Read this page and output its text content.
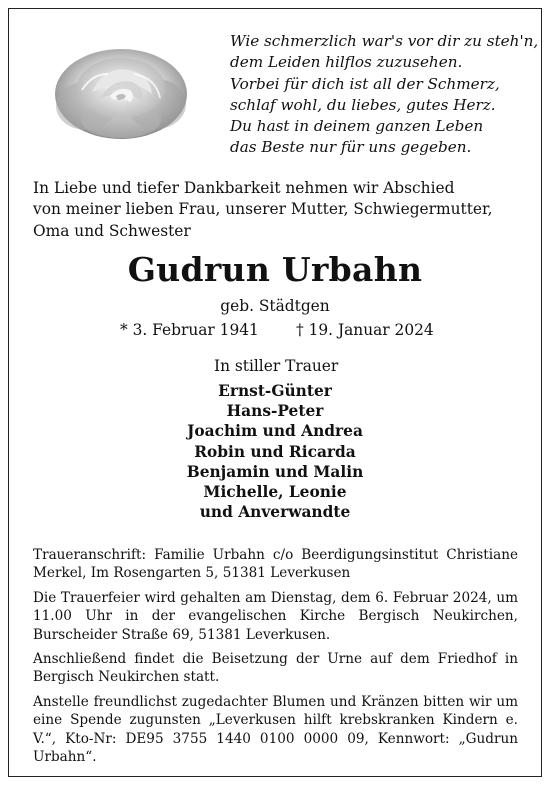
Wie schmerzlich war's vor dir zu steh'n,
dem Leiden hilflos zuzusehen.
Vorbei für dich ist all der Schmerz,
schlaf wohl, du liebes, gutes Herz.
Du hast in deinem ganzen Leben
das Beste nur für uns gegeben.
In Liebe und tiefer Dankbarkeit nehmen wir Abschied
von meiner lieben Frau, unserer Mutter, Schwiegermutter,
Oma und Schwester
Gudrun Urbahn
geb. Städtgen
* 3. Februar 1941 † 19. Januar 2024
In stiller Trauer
Ernst-Günter
Hans-Peter
Joachim und Andrea
Robin und Ricarda
Benjamin und Malin
Michelle, Leonie
und Anverwandte
Traueranschrift: Familie Urbahn c/o Beerdigungsinstitut Christiane Merkel, Im Rosengarten 5, 51381 Leverkusen
Die Trauerfeier wird gehalten am Dienstag, dem 6. Februar 2024, um 11.00 Uhr in der evangelischen Kirche Bergisch Neukirchen, Burscheider Straße 69, 51381 Leverkusen.
Anschließend findet die Beisetzung der Urne auf dem Friedhof in Bergisch Neukirchen statt.
Anstelle freundlichst zugedachter Blumen und Kränzen bitten wir um eine Spende zugunsten „Leverkusen hilft krebskranken Kindern e. V.“, Kto-Nr: DE95 3755 1440 0100 0000 09, Kennwort: „Gudrun Urbahn“.
